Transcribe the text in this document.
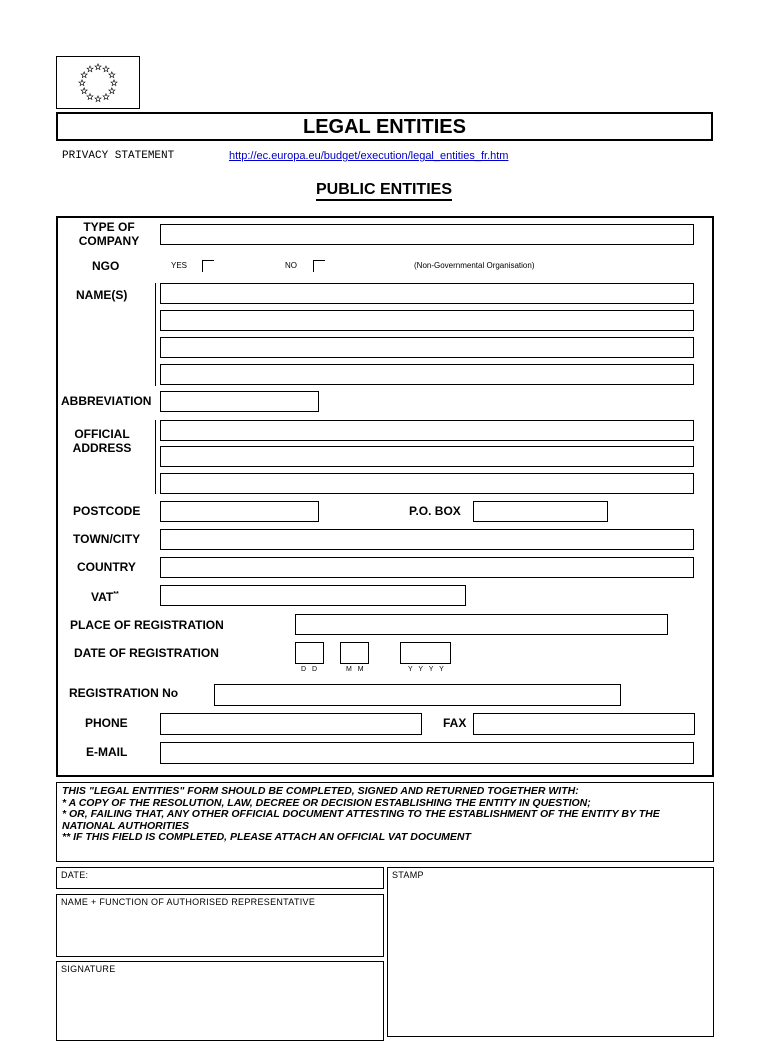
LEGAL ENTITIES
PRIVACY STATEMENT	http://ec.europa.eu/budget/execution/legal_entities_fr.htm
PUBLIC ENTITIES
TYPE OF COMPANY
NGO	YES	NO	(Non-Governmental Organisation)
NAME(S)
ABBREVIATION
OFFICIAL ADDRESS
POSTCODE	P.O. BOX
TOWN/CITY
COUNTRY
VAT**
PLACE OF REGISTRATION
DATE OF REGISTRATION
D D	M M	Y Y Y Y
REGISTRATION No
PHONE	FAX
E-MAIL
THIS "LEGAL ENTITIES" FORM SHOULD BE COMPLETED, SIGNED AND RETURNED TOGETHER WITH:
* A COPY OF THE RESOLUTION, LAW, DECREE OR DECISION ESTABLISHING THE ENTITY IN QUESTION;
* OR, FAILING THAT, ANY OTHER OFFICIAL DOCUMENT ATTESTING TO THE ESTABLISHMENT OF THE ENTITY BY THE NATIONAL AUTHORITIES
** IF THIS FIELD IS COMPLETED, PLEASE ATTACH AN OFFICIAL VAT DOCUMENT
DATE:	STAMP
NAME + FUNCTION OF AUTHORISED REPRESENTATIVE
SIGNATURE
